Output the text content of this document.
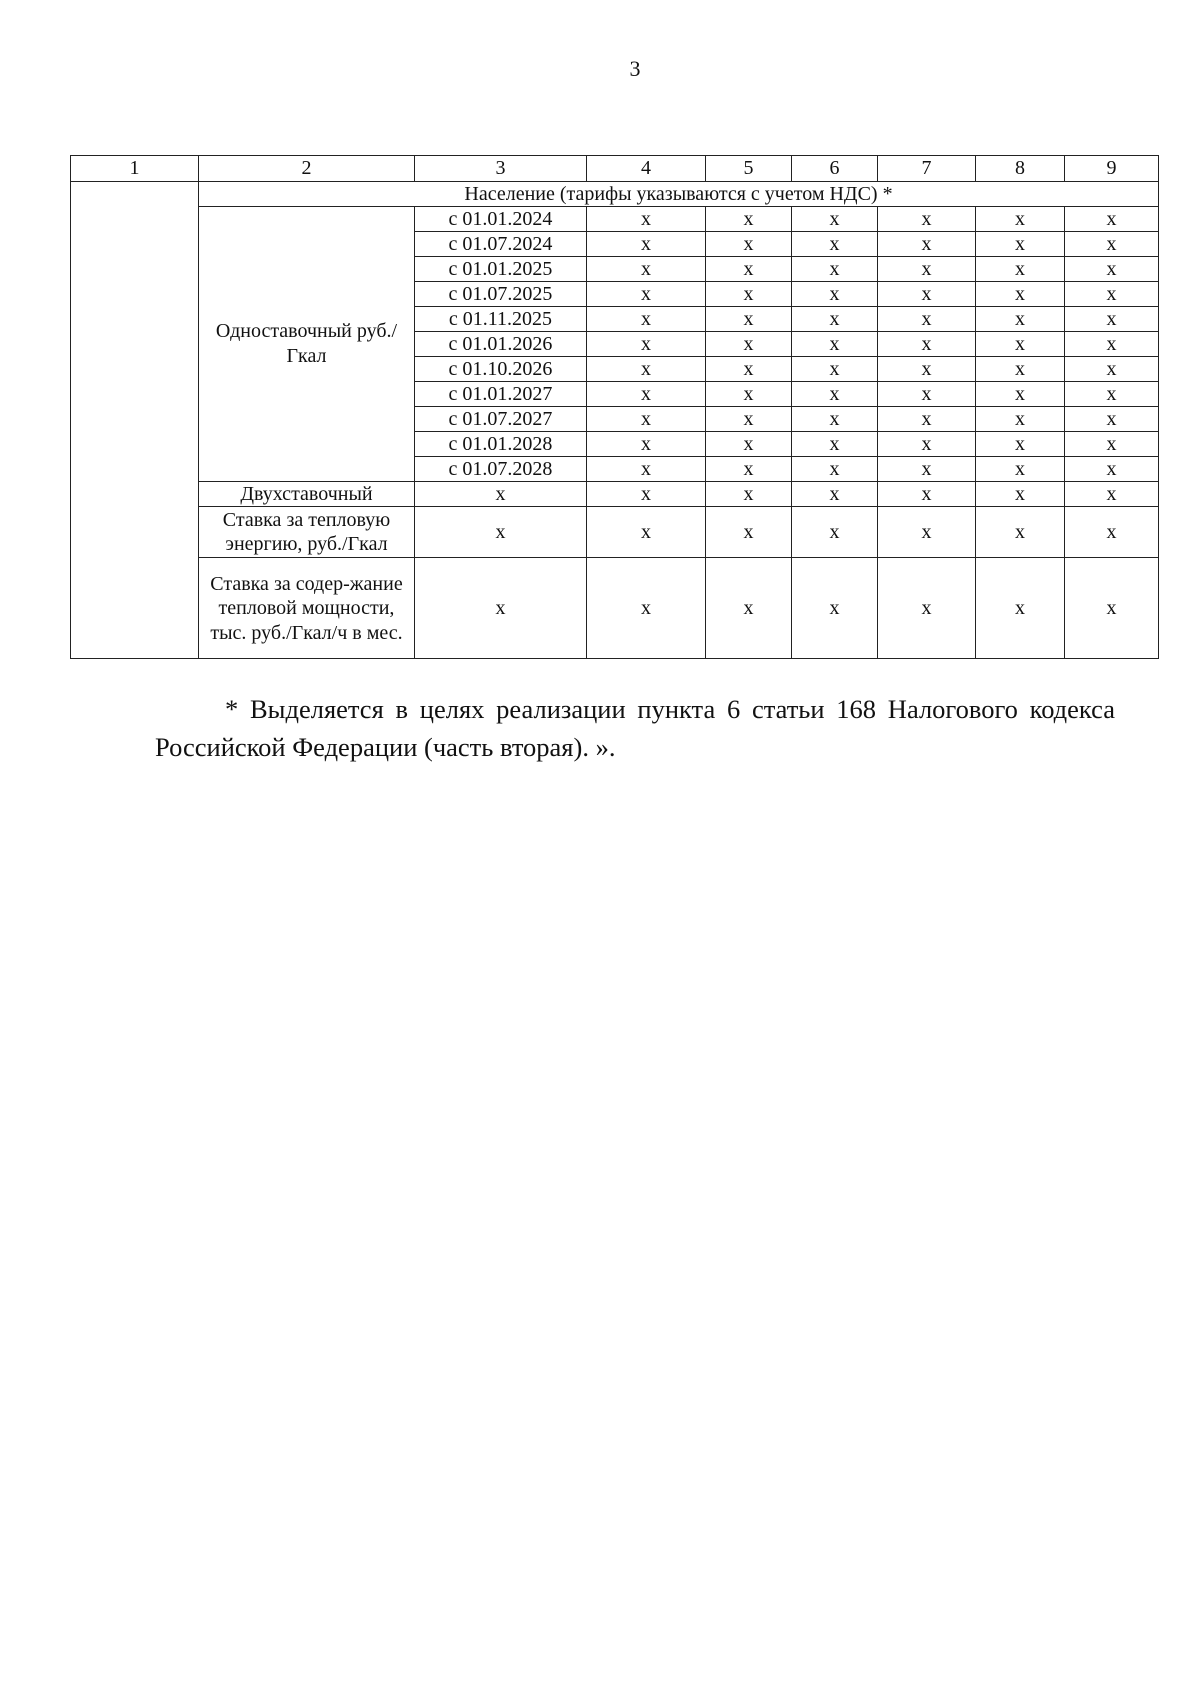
3
1	2	3	4	5	6	7	8	9
	Население (тарифы указываются с учетом НДС) *							
	Одноставочный руб./Гкал	с 01.01.2024	х	х	х	х	х	х
		с 01.07.2024	х	х	х	х	х	х
		с 01.01.2025	х	х	х	х	х	х
		с 01.07.2025	х	х	х	х	х	х
		с 01.11.2025	х	х	х	х	х	х
		с 01.01.2026	х	х	х	х	х	х
		с 01.10.2026	х	х	х	х	х	х
		с 01.01.2027	х	х	х	х	х	х
		с 01.07.2027	х	х	х	х	х	х
		с 01.01.2028	х	х	х	х	х	х
		с 01.07.2028	х	х	х	х	х	х
	Двухставочный	х	х	х	х	х	х	х
	Ставка за тепловую энергию, руб./Гкал	х	х	х	х	х	х	х
	Ставка за содер-жание тепловой мощности, тыс. руб./Гкал/ч в мес.	х	х	х	х	х	х	х
* Выделяется в целях реализации пункта 6 статьи 168 Налогового кодекса Российской Федерации (часть вторая). ».
